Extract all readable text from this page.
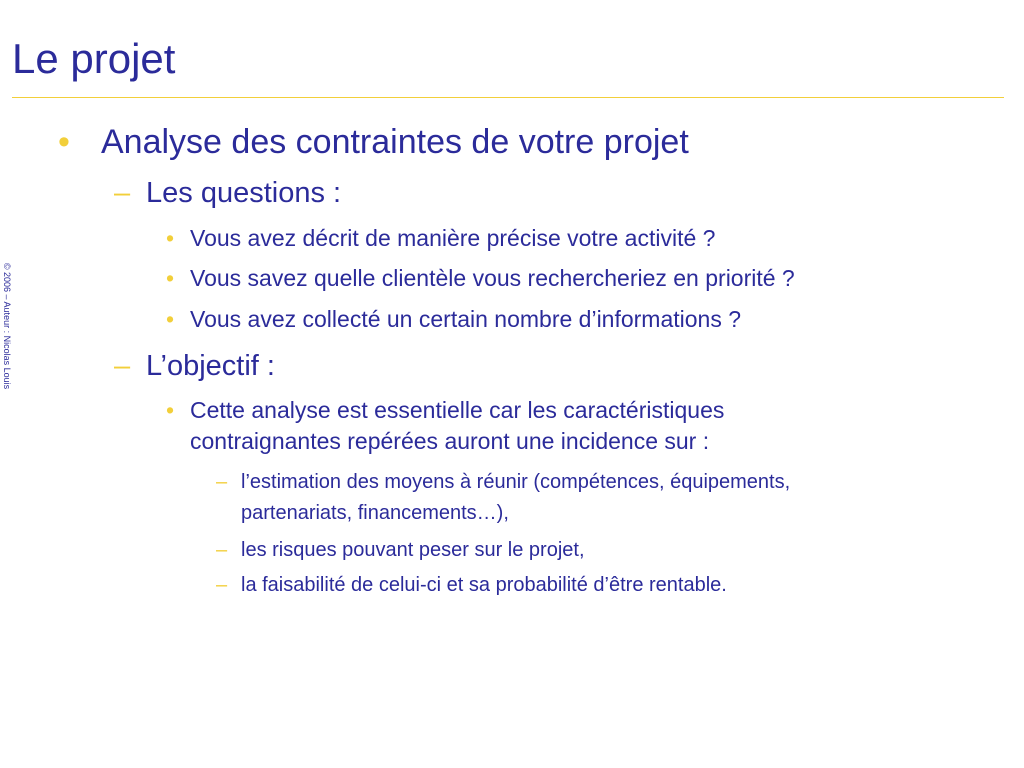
Le projet
© 2006 – Auteur : Nicolas Louis
• Analyse des contraintes de votre projet
– Les questions :
• Vous avez décrit de manière précise votre activité ?
• Vous savez quelle clientèle vous rechercheriez en priorité ?
• Vous avez collecté un certain nombre d’informations ?
– L’objectif :
• Cette analyse est essentielle car les caractéristiques
contraignantes repérées auront une incidence sur :
– l’estimation des moyens à réunir (compétences, équipements,
partenariats, financements…),
– les risques pouvant peser sur le projet,
– la faisabilité de celui-ci et sa probabilité d’être rentable.
